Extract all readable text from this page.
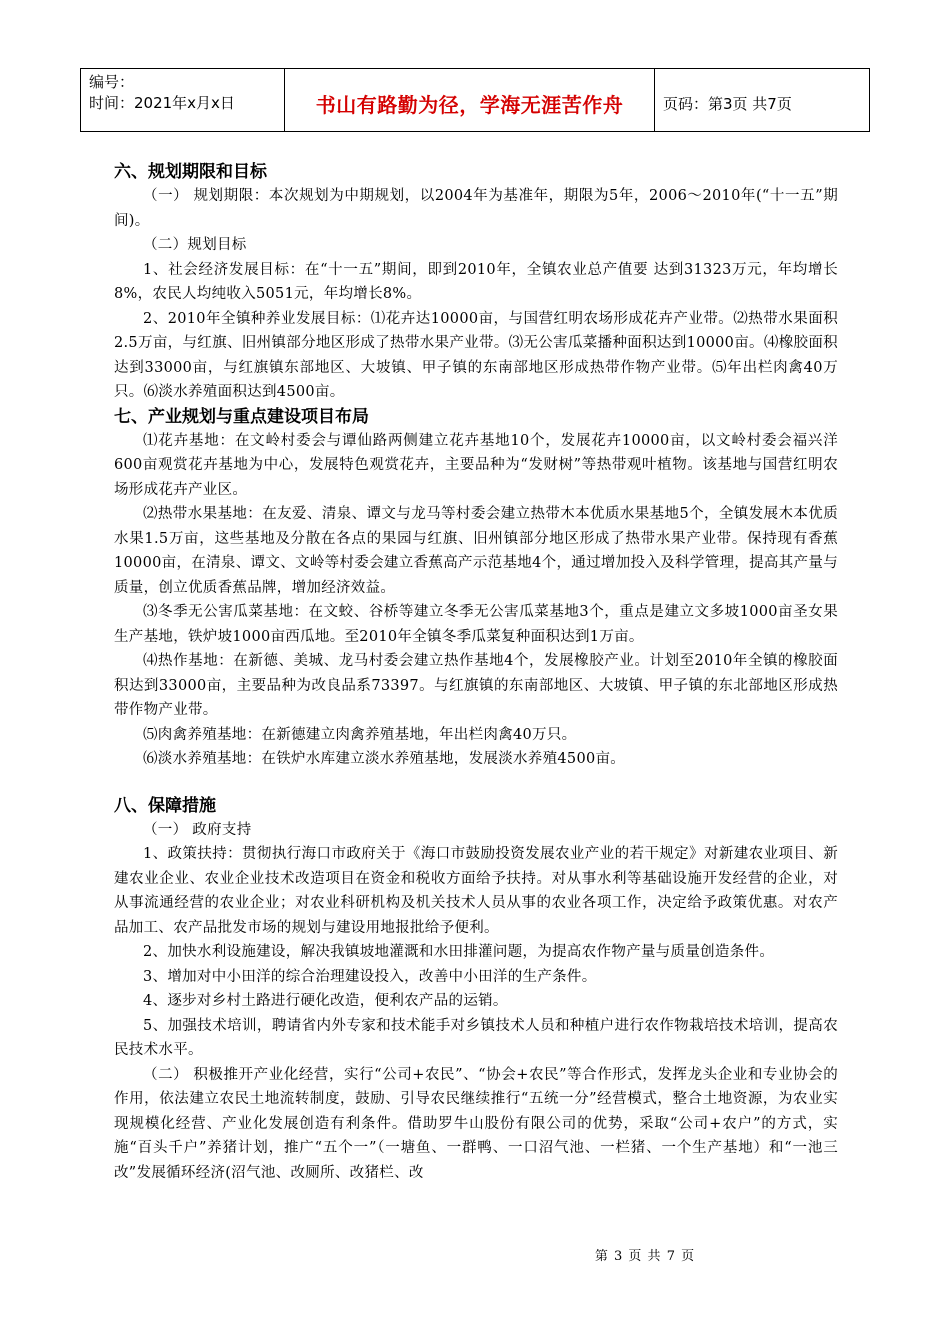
编号：
时间：2021年x月x日	书山有路勤为径，学海无涯苦作舟	页码：第3页 共7页
六、规划期限和目标

（一） 规划期限：本次规划为中期规划，以2004年为基准年，期限为5年，2006～2010年(“十一五”期间)。

（二）规划目标

1、社会经济发展目标：在“十一五”期间，即到2010年，全镇农业总产值要 达到31323万元，年均增长8%，农民人均纯收入5051元，年均增长8%。

2、2010年全镇种养业发展目标：⑴花卉达10000亩，与国营红明农场形成花卉产业带。⑵热带水果面积2.5万亩，与红旗、旧州镇部分地区形成了热带水果产业带。⑶无公害瓜菜播种面积达到10000亩。⑷橡胶面积达到33000亩，与红旗镇东部地区、大坡镇、甲子镇的东南部地区形成热带作物产业带。⑸年出栏肉禽40万只。⑹淡水养殖面积达到4500亩。

七、产业规划与重点建设项目布局

⑴花卉基地：在文岭村委会与谭仙路两侧建立花卉基地10个，发展花卉10000亩，以文岭村委会福兴洋600亩观赏花卉基地为中心，发展特色观赏花卉，主要品种为“发财树”等热带观叶植物。该基地与国营红明农场形成花卉产业区。

⑵热带水果基地：在友爱、清泉、谭文与龙马等村委会建立热带木本优质水果基地5个，全镇发展木本优质水果1.5万亩，这些基地及分散在各点的果园与红旗、旧州镇部分地区形成了热带水果产业带。保持现有香蕉10000亩，在清泉、谭文、文岭等村委会建立香蕉高产示范基地4个，通过增加投入及科学管理，提高其产量与质量，创立优质香蕉品牌，增加经济效益。

⑶冬季无公害瓜菜基地：在文蛟、谷桥等建立冬季无公害瓜菜基地3个，重点是建立文多坡1000亩圣女果生产基地，铁炉坡1000亩西瓜地。至2010年全镇冬季瓜菜复种面积达到1万亩。

⑷热作基地：在新德、美城、龙马村委会建立热作基地4个，发展橡胶产业。计划至2010年全镇的橡胶面积达到33000亩，主要品种为改良品系73397。与红旗镇的东南部地区、大坡镇、甲子镇的东北部地区形成热带作物产业带。

⑸肉禽养殖基地：在新德建立肉禽养殖基地，年出栏肉禽40万只。

⑹淡水养殖基地：在铁炉水库建立淡水养殖基地，发展淡水养殖4500亩。

八、保障措施

（一） 政府支持

1、政策扶持：贯彻执行海口市政府关于《海口市鼓励投资发展农业产业的若干规定》对新建农业项目、新建农业企业、农业企业技术改造项目在资金和税收方面给予扶持。对从事水利等基础设施开发经营的企业，对从事流通经营的农业企业；对农业科研机构及机关技术人员从事的农业各项工作，决定给予政策优惠。对农产品加工、农产品批发市场的规划与建设用地报批给予便利。

2、加快水利设施建设，解决我镇坡地灌溉和水田排灌问题，为提高农作物产量与质量创造条件。

3、增加对中小田洋的综合治理建设投入，改善中小田洋的生产条件。

4、逐步对乡村土路进行硬化改造，便利农产品的运销。

5、加强技术培训，聘请省内外专家和技术能手对乡镇技术人员和种植户进行农作物栽培技术培训，提高农民技术水平。

（二） 积极推开产业化经营，实行“公司+农民”、“协会+农民”等合作形式，发挥龙头企业和专业协会的作用，依法建立农民土地流转制度，鼓励、引导农民继续推行“五统一分”经营模式，整合土地资源，为农业实现规模化经营、产业化发展创造有利条件。借助罗牛山股份有限公司的优势，采取“公司+农户”的方式，实施“百头千户”养猪计划，推广“五个一”（一塘鱼、一群鸭、一口沼气池、一栏猪、一个生产基地）和“一池三改”发展循环经济(沼气池、改厕所、改猪栏、改

第 3 页 共 7 页
